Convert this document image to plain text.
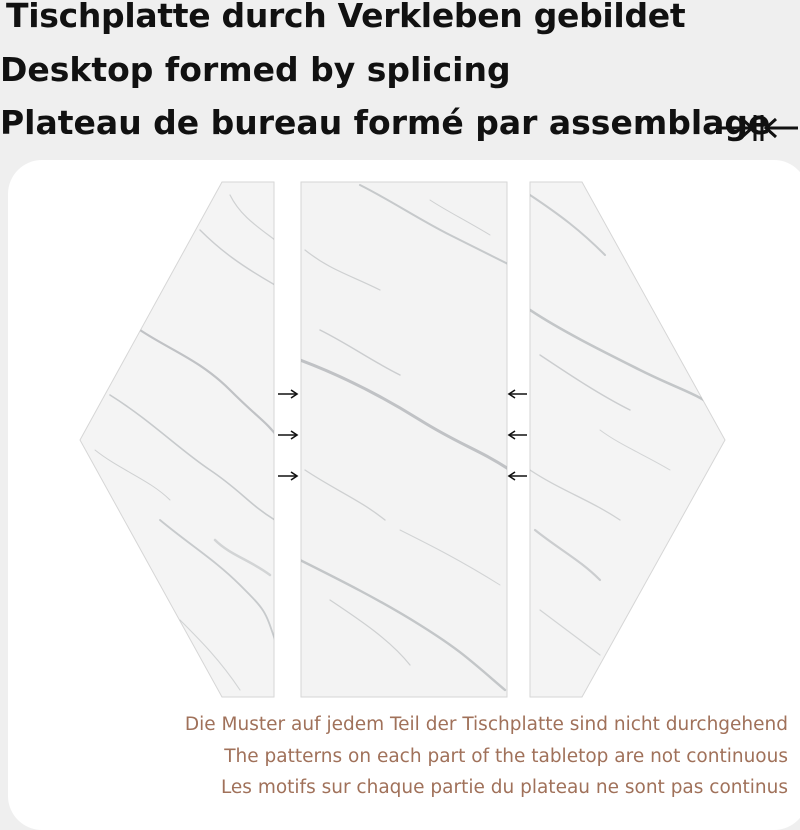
Tischplatte durch Verkleben gebildet
Desktop formed by splicing
Plateau de bureau formé par assemblage

Die Muster auf jedem Teil der Tischplatte sind nicht durchgehend

The patterns on each part of the tabletop are not continuous

Les motifs sur chaque partie du plateau ne sont pas continus
